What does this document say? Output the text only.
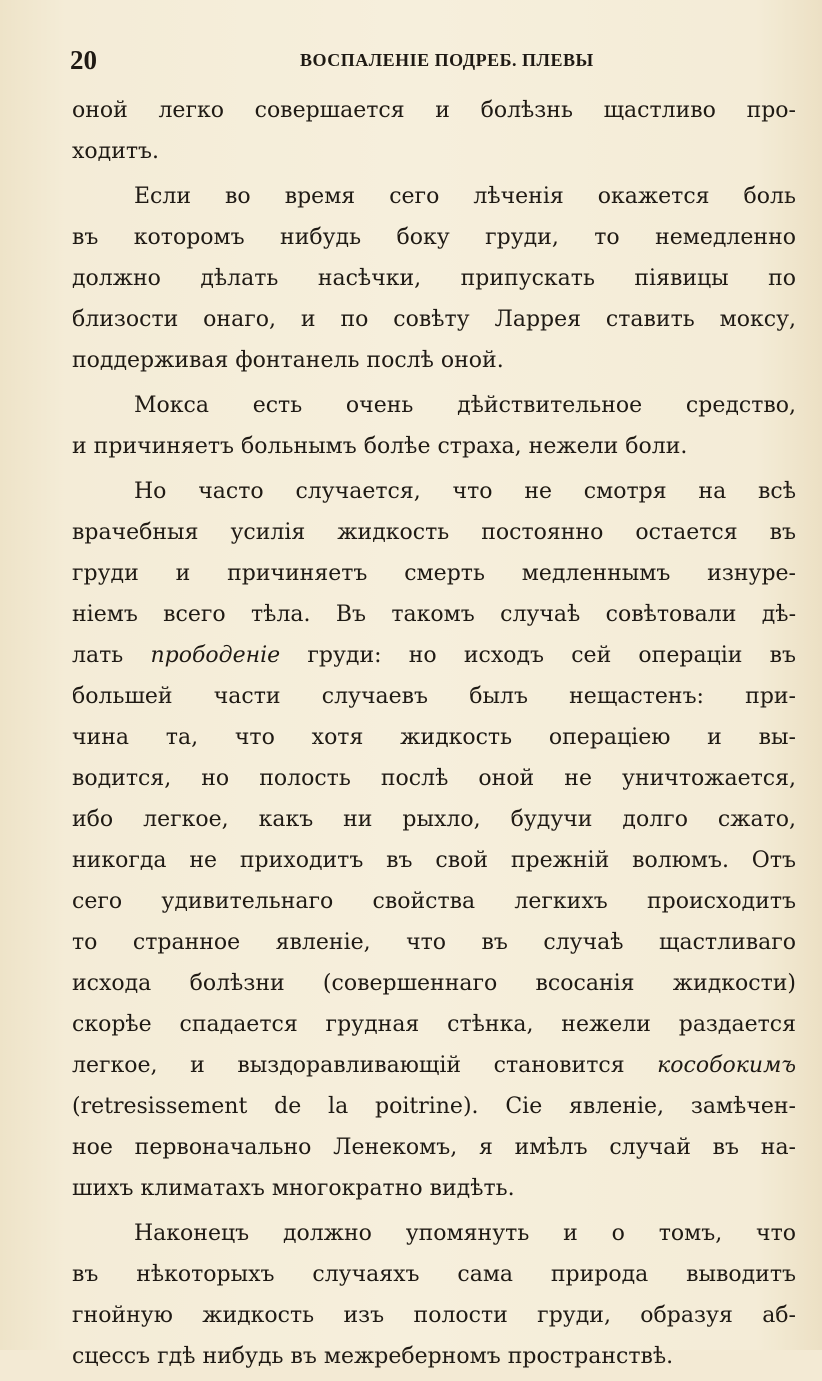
20	ВОСПАЛЕНІЕ ПОДРЕБ. ПЛЕВЫ
оной легко совершается и болѣзнь щастливо про-
ходитъ.
Если во время сего лѣченія окажется боль
въ которомъ нибудь боку груди, то немедленно
должно дѣлать насѣчки, припускать піявицы по
близости онаго, и по совѣту Ларрея ставить моксу,
поддерживая фонтанель послѣ оной.
Мокса есть очень дѣйствительное средство,
и причиняетъ больнымъ болѣе страха, нежели боли.
Но часто случается, что не смотря на всѣ
врачебныя усилія жидкость постоянно остается въ
груди и причиняетъ смерть медленнымъ изнуре-
ніемъ всего тѣла. Въ такомъ случаѣ совѣтовали дѣ-
лать прободеніе груди: но исходъ сей операціи въ
большей части случаевъ былъ нещастенъ: при-
чина та, что хотя жидкость операціею и вы-
водится, но полость послѣ оной не уничтожается,
ибо легкое, какъ ни рыхло, будучи долго сжато,
никогда не приходитъ въ свой прежній волюмъ. Отъ
сего удивительнаго свойства легкихъ происходитъ
то странное явленіе, что въ случаѣ щастливаго
исхода болѣзни (совершеннаго всосанія жидкости)
скорѣе спадается грудная стѣнка, нежели раздается
легкое, и выздоравливающій становится кособокимъ
(retresissement de la poitrine). Сіе явленіе, замѣчен-
ное первоначально Ленекомъ, я имѣлъ случай въ на-
шихъ климатахъ многократно видѣть.
Наконецъ должно упомянуть и о томъ, что
въ нѣкоторыхъ случаяхъ сама природа выводитъ
гнойную жидкость изъ полости груди, образуя аб-
сцессъ гдѣ нибудь въ межреберномъ пространствѣ.
